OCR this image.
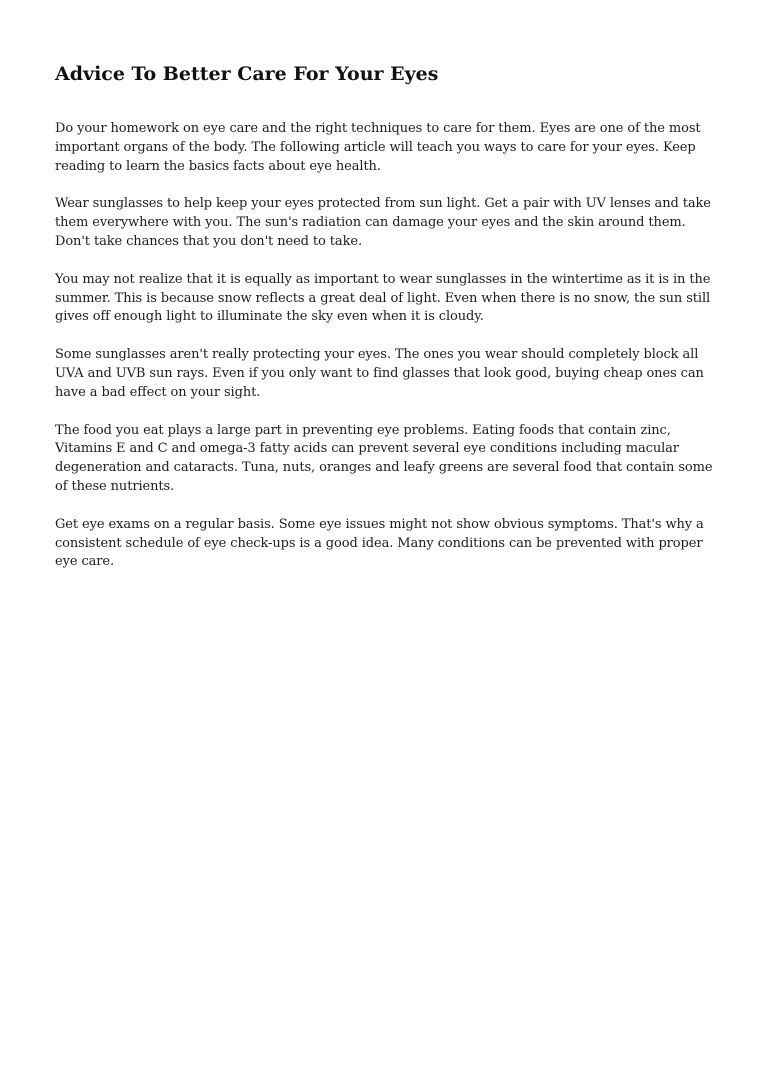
Advice To Better Care For Your Eyes

Do your homework on eye care and the right techniques to care for them. Eyes are one of the most important organs of the body. The following article will teach you ways to care for your eyes. Keep reading to learn the basics facts about eye health.

Wear sunglasses to help keep your eyes protected from sun light. Get a pair with UV lenses and take them everywhere with you. The sun's radiation can damage your eyes and the skin around them. Don't take chances that you don't need to take.

You may not realize that it is equally as important to wear sunglasses in the wintertime as it is in the summer. This is because snow reflects a great deal of light. Even when there is no snow, the sun still gives off enough light to illuminate the sky even when it is cloudy.

Some sunglasses aren't really protecting your eyes. The ones you wear should completely block all UVA and UVB sun rays. Even if you only want to find glasses that look good, buying cheap ones can have a bad effect on your sight.

The food you eat plays a large part in preventing eye problems. Eating foods that contain zinc, Vitamins E and C and omega-3 fatty acids can prevent several eye conditions including macular degeneration and cataracts. Tuna, nuts, oranges and leafy greens are several food that contain some of these nutrients.

Get eye exams on a regular basis. Some eye issues might not show obvious symptoms. That's why a consistent schedule of eye check-ups is a good idea. Many conditions can be prevented with proper eye care.
